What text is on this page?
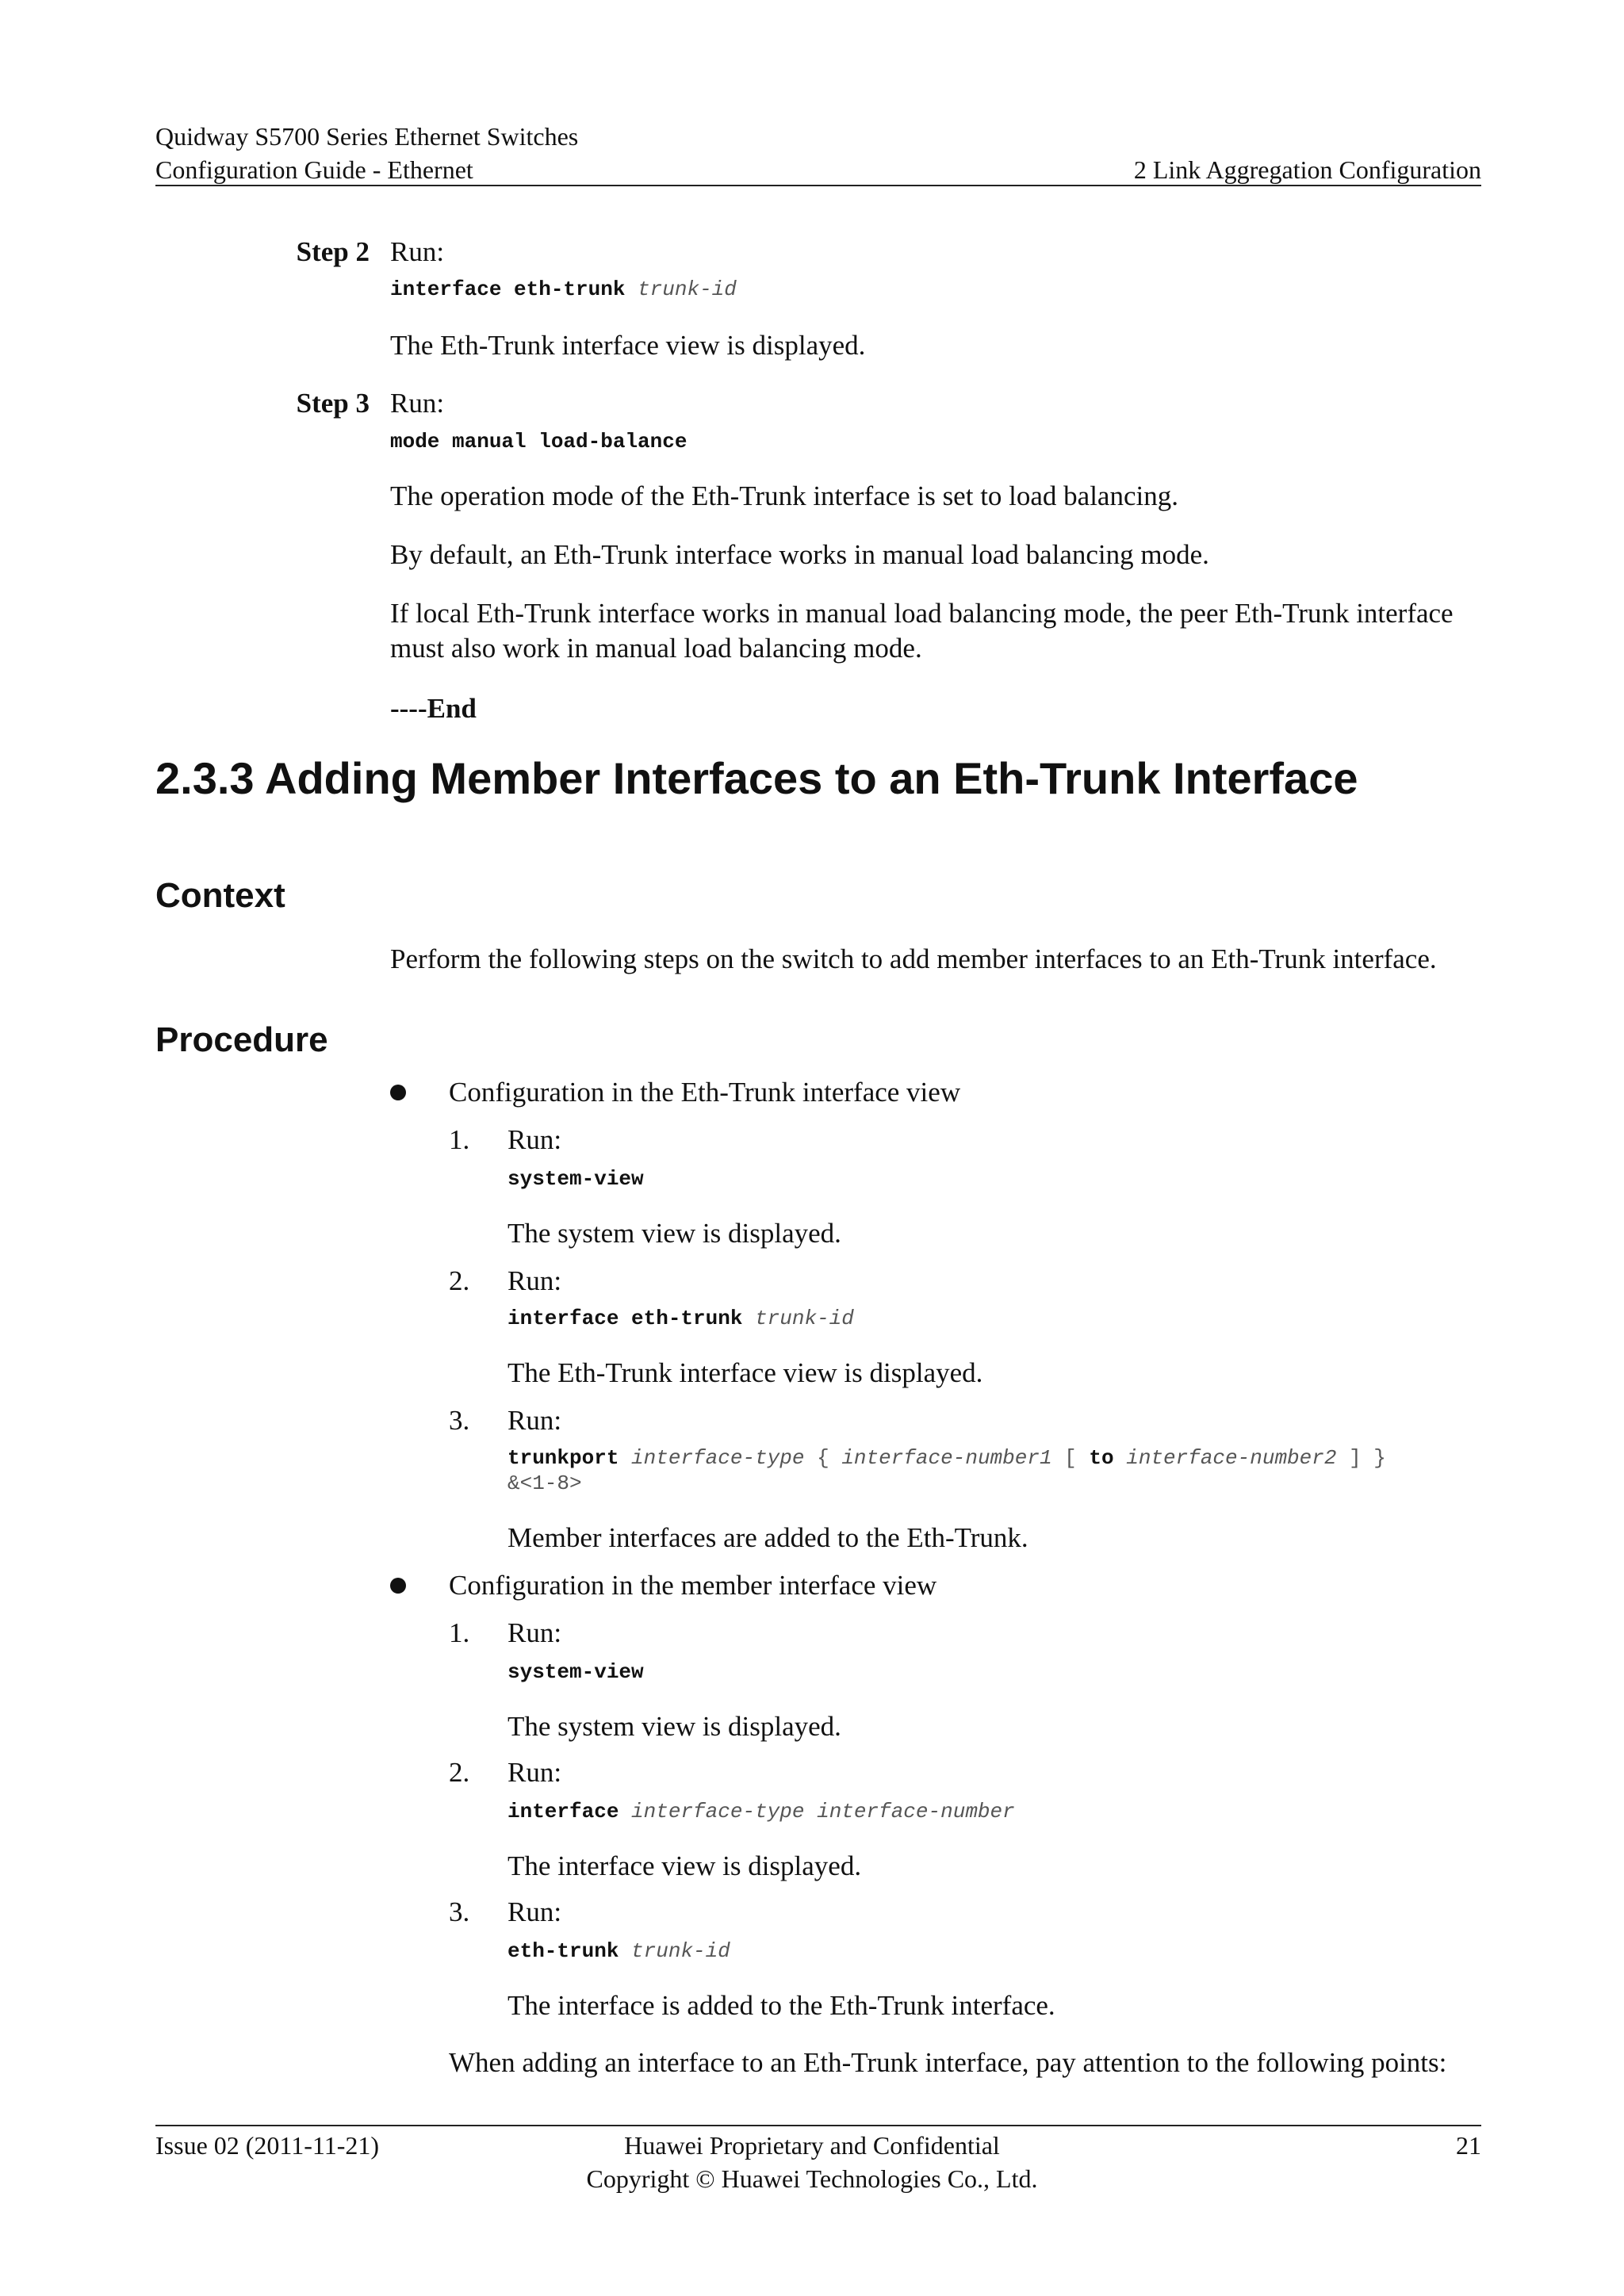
Quidway S5700 Series Ethernet Switches
Configuration Guide - Ethernet	2 Link Aggregation Configuration
Step 2 Run:
interface eth-trunk trunk-id
The Eth-Trunk interface view is displayed.
Step 3 Run:
mode manual load-balance
The operation mode of the Eth-Trunk interface is set to load balancing.
By default, an Eth-Trunk interface works in manual load balancing mode.
If local Eth-Trunk interface works in manual load balancing mode, the peer Eth-Trunk interface
must also work in manual load balancing mode.
----End
2.3.3 Adding Member Interfaces to an Eth-Trunk Interface
Context
Perform the following steps on the switch to add member interfaces to an Eth-Trunk interface.
Procedure
Configuration in the Eth-Trunk interface view
1. Run:
system-view
The system view is displayed.
2. Run:
interface eth-trunk trunk-id
The Eth-Trunk interface view is displayed.
3. Run:
trunkport interface-type { interface-number1 [ to interface-number2 ] }
&<1-8>
Member interfaces are added to the Eth-Trunk.
Configuration in the member interface view
1. Run:
system-view
The system view is displayed.
2. Run:
interface interface-type interface-number
The interface view is displayed.
3. Run:
eth-trunk trunk-id
The interface is added to the Eth-Trunk interface.
When adding an interface to an Eth-Trunk interface, pay attention to the following points:
Issue 02 (2011-11-21)	Huawei Proprietary and Confidential
Copyright © Huawei Technologies Co., Ltd.
21
